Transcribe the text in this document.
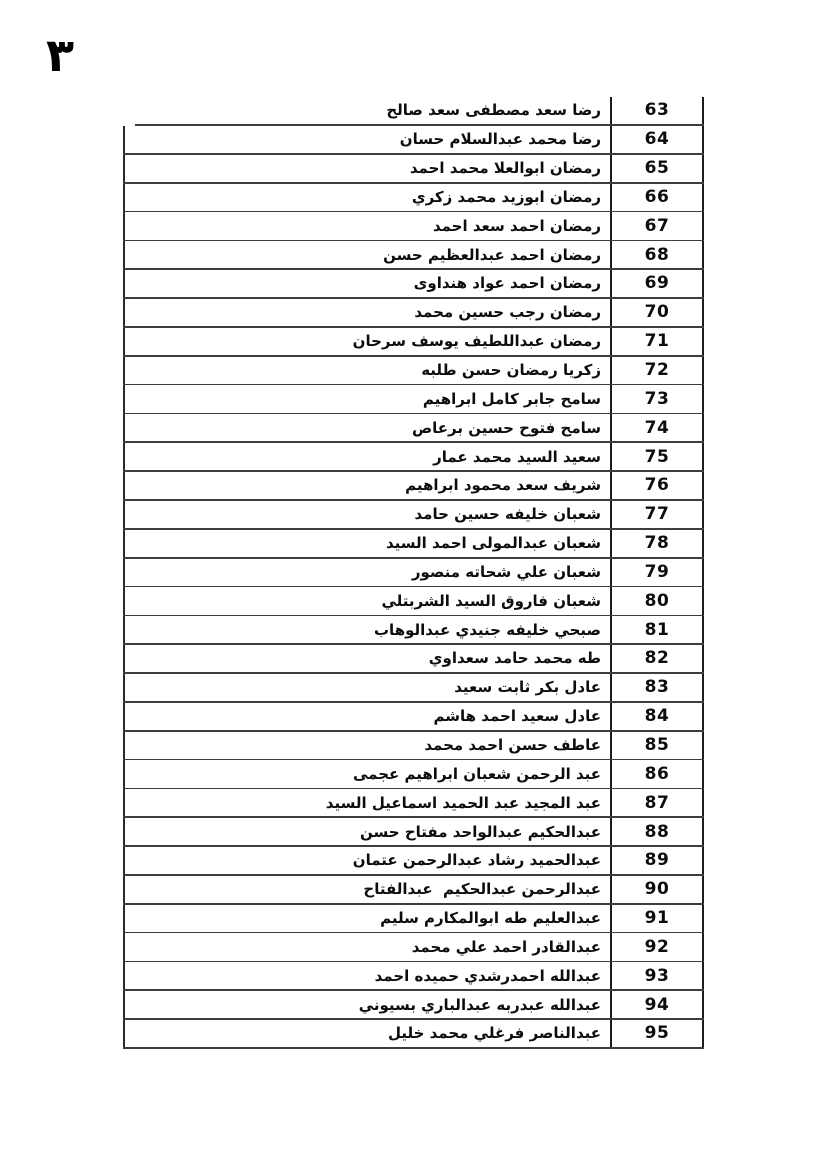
٣
رضا سعد مصطفى سعد صالح	63
رضا محمد عبدالسلام حسان	64
رمضان ابوالعلا محمد احمد	65
رمضان ابوزيد محمد زكري	66
رمضان احمد سعد احمد	67
رمضان احمد عبدالعظيم حسن	68
رمضان احمد عواد هنداوى	69
رمضان رجب حسين محمد	70
رمضان عبداللطيف يوسف سرحان	71
زكريا رمضان حسن طلبه	72
سامح جابر كامل ابراهيم	73
سامح فتوح حسين برعاص	74
سعيد السيد محمد عمار	75
شريف سعد محمود ابراهيم	76
شعبان خليفه حسين حامد	77
شعبان عبدالمولى احمد السيد	78
شعبان علي شحاته منصور	79
شعبان فاروق السيد الشربتلي	80
صبحي خليفه جنيدي عبدالوهاب	81
طه محمد حامد سعداوي	82
عادل بكر ثابت سعيد	83
عادل سعيد احمد هاشم	84
عاطف حسن احمد محمد	85
عبد الرحمن شعبان ابراهيم عجمى	86
عبد المجيد عبد الحميد اسماعيل السيد	87
عبدالحكيم عبدالواحد مفتاح حسن	88
عبدالحميد رشاد عبدالرحمن عتمان	89
عبدالرحمن عبدالحكيم  عبدالفتاح	90
عبدالعليم طه ابوالمكارم سليم	91
عبدالقادر احمد علي محمد	92
عبدالله احمدرشدي حميده احمد	93
عبدالله عبدربه عبدالباري بسيوني	94
عبدالناصر فرغلي محمد خليل	95
